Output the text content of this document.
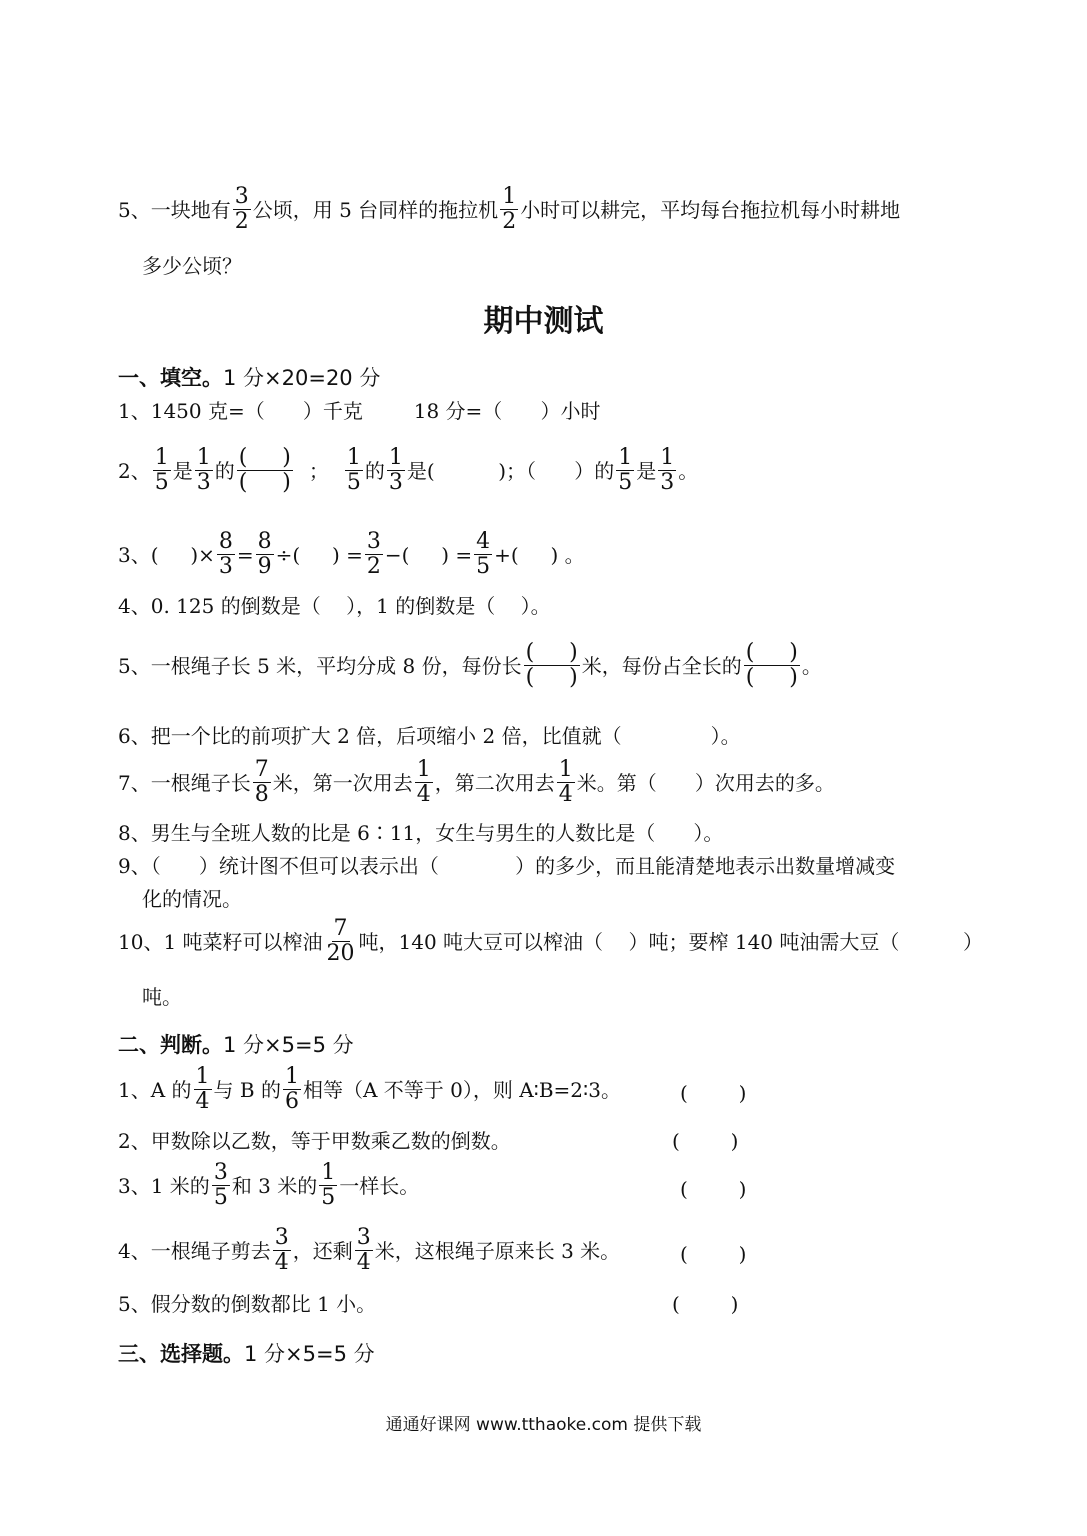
5、一块地有 $\frac{3}{2}$ 公顷，用 5 台同样的拖拉机 $\frac{1}{2}$ 小时可以耕完，平均每台拖拉机每小时耕地
多少公顷？
期中测试
一、填空。 1 分×20=20 分
1、1450 克=（      ）千克        18 分=（      ）小时
2、 $\frac{1}{5}$ 是 $\frac{1}{3}$ 的 $\frac{( )}{( )}$ ； $\frac{1}{5}$ 的 $\frac{1}{3}$ 是(          )；（      ）的 $\frac{1}{5}$ 是 $\frac{1}{3}$ 。
3、(     )× $\frac{8}{3} = \frac{8}{9}$ ÷(     ) = $\frac{3}{2}$ −(     ) = $\frac{4}{5}$ +(     ) 。
4、0. 125 的倒数是（    ），1 的倒数是（    ）。
5、一根绳子长 5 米，平均分成 8 份，每份长 $\frac{( )}{( )}$ 米，每份占全长的 $\frac{( )}{( )}$ 。
6、把一个比的前项扩大 2 倍，后项缩小 2 倍，比值就（              ）。
7、一根绳子长 $\frac{7}{8}$ 米，第一次用去 $\frac{1}{4}$ ，第二次用去 $\frac{1}{4}$ 米。第（      ）次用去的多。
8、男生与全班人数的比是 6∶11，女生与男生的人数比是（      ）。
9、（      ）统计图不但可以表示出（            ）的多少，而且能清楚地表示出数量增减变
化的情况。
10、1 吨菜籽可以榨油 $\frac{7}{20}$ 吨，140 吨大豆可以榨油（    ）吨；要榨 140 吨油需大豆（          ）
吨。
二、判断。 1 分×5=5 分
1、A 的 $\frac{1}{4}$ 与 B 的 $\frac{1}{6}$ 相等（A 不等于 0），则 A∶B=2∶3。	(        )
2、甲数除以乙数，等于甲数乘乙数的倒数。	(        )
3、1 米的 $\frac{3}{5}$ 和 3 米的 $\frac{1}{5}$ 一样长。	(        )
4、一根绳子剪去 $\frac{3}{4}$ ，还剩 $\frac{3}{4}$ 米，这根绳子原来长 3 米。	(        )
5、假分数的倒数都比 1 小。	(        )
三、选择题。 1 分×5=5 分
通通好课网 www.tthaoke.com 提供下载
